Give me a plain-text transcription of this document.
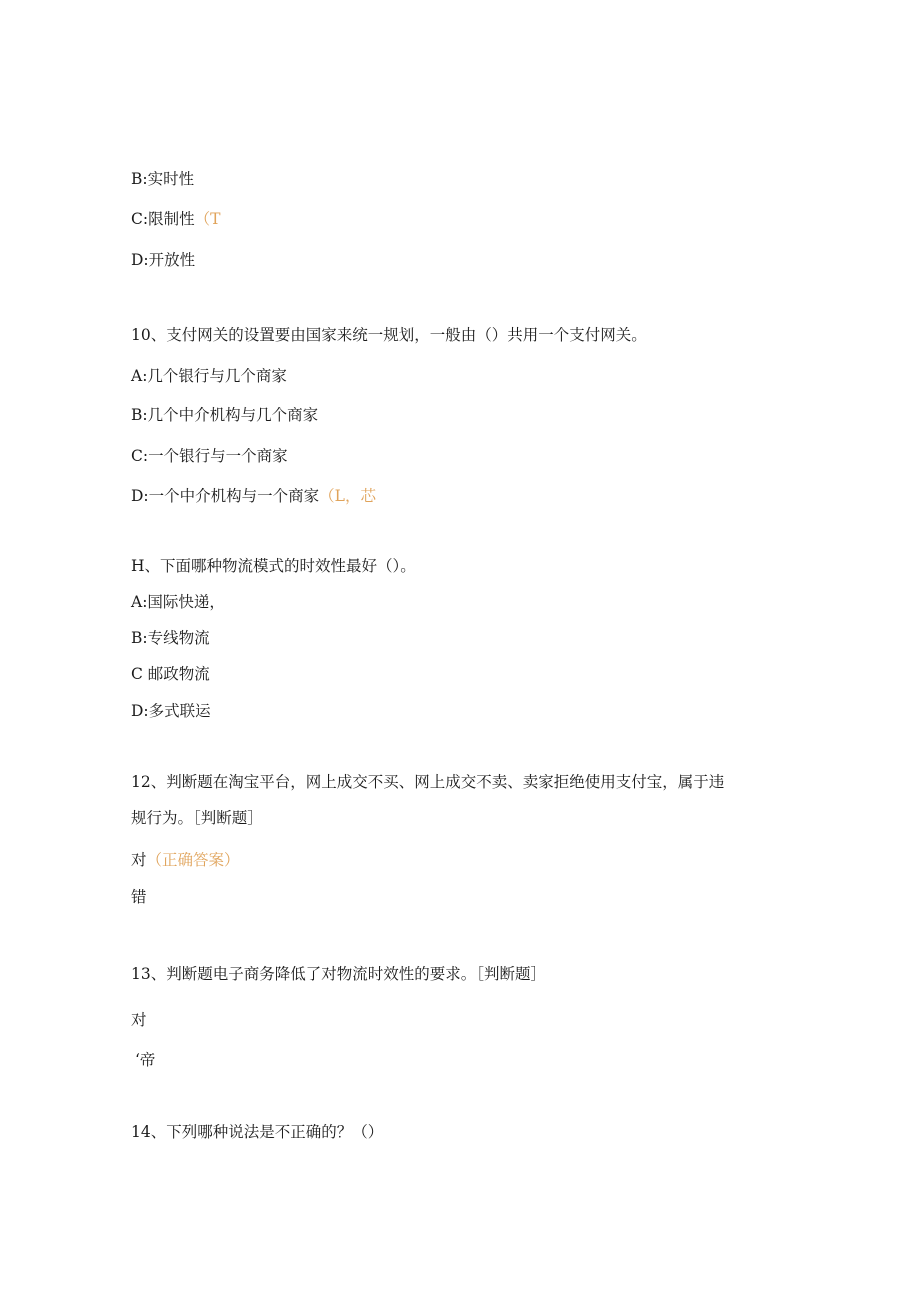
B:实时性
C:限制性（T
D:开放性
10、支付网关的设置要由国家来统一规划，一般由（）共用一个支付网关。
A:几个银行与几个商家
B:几个中介机构与几个商家
C:一个银行与一个商家
D:一个中介机构与一个商家（L，芯
H、下面哪种物流模式的时效性最好（）。
A:国际快递，
B:专线物流
C 邮政物流
D:多式联运
12、判断题在淘宝平台，网上成交不买、网上成交不卖、卖家拒绝使用支付宝，属于违
规行为。［判断题］
对（正确答案）
错
13、判断题电子商务降低了对物流时效性的要求。［判断题］
对
‘帝
14、下列哪种说法是不正确的？（）
